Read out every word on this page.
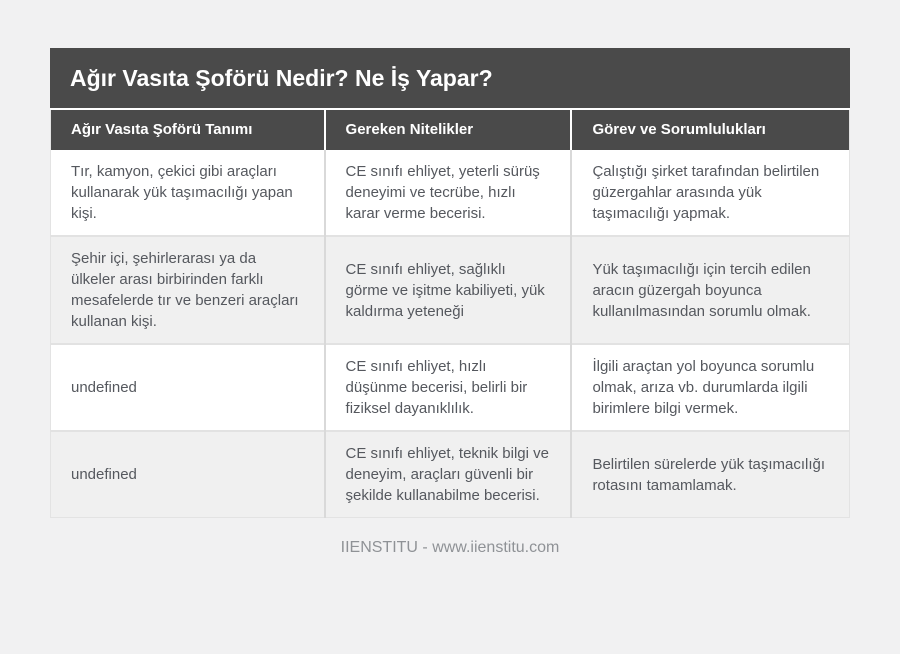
Ağır Vasıta Şoförü Nedir? Ne İş Yapar?
Ağır Vasıta Şoförü Tanımı	Gereken Nitelikler	Görev ve Sorumlulukları
Tır, kamyon, çekici gibi araçları kullanarak yük taşımacılığı yapan kişi.	CE sınıfı ehliyet, yeterli sürüş deneyimi ve tecrübe, hızlı karar verme becerisi.	Çalıştığı şirket tarafından belirtilen güzergahlar arasında yük taşımacılığı yapmak.
Şehir içi, şehirlerarası ya da ülkeler arası birbirinden farklı mesafelerde tır ve benzeri araçları kullanan kişi.	CE sınıfı ehliyet, sağlıklı görme ve işitme kabiliyeti, yük kaldırma yeteneği	Yük taşımacılığı için tercih edilen aracın güzergah boyunca kullanılmasından sorumlu olmak.
undefined	CE sınıfı ehliyet, hızlı düşünme becerisi, belirli bir fiziksel dayanıklılık.	İlgili araçtan yol boyunca sorumlu olmak, arıza vb. durumlarda ilgili birimlere bilgi vermek.
undefined	CE sınıfı ehliyet, teknik bilgi ve deneyim, araçları güvenli bir şekilde kullanabilme becerisi.	Belirtilen sürelerde yük taşımacılığı rotasını tamamlamak.
IIENSTITU - www.iienstitu.com
